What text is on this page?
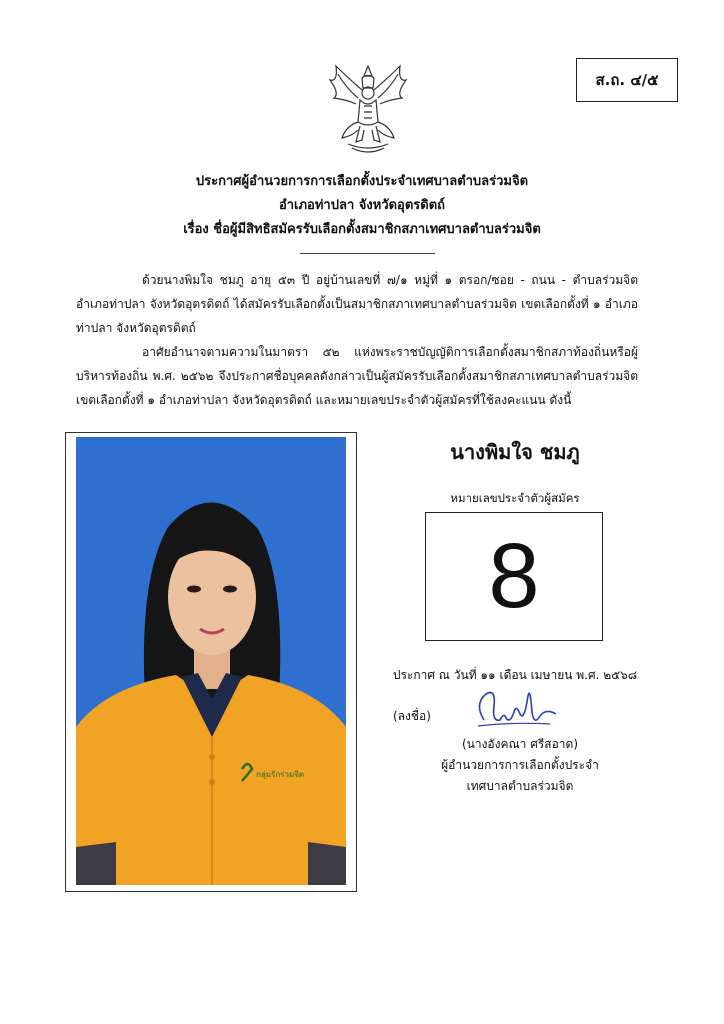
ส.ถ. ๔/๕
ประกาศผู้อำนวยการการเลือกตั้งประจำเทศบาลตำบลร่วมจิต
อำเภอท่าปลา จังหวัดอุตรดิตถ์
เรื่อง ชื่อผู้มีสิทธิสมัครรับเลือกตั้งสมาชิกสภาเทศบาลตำบลร่วมจิต
ด้วยนางพิมใจ ชมภู อายุ ๕๓ ปี อยู่บ้านเลขที่ ๗/๑ หมู่ที่ ๑ ตรอก/ซอย - ถนน - ตำบลร่วมจิต อำเภอท่าปลา จังหวัดอุตรดิตถ์ ได้สมัครรับเลือกตั้งเป็นสมาชิกสภาเทศบาลตำบลร่วมจิต เขตเลือกตั้งที่ ๑ อำเภอท่าปลา จังหวัดอุตรดิตถ์
อาศัยอำนาจตามความในมาตรา ๕๒ แห่งพระราชบัญญัติการเลือกตั้งสมาชิกสภาท้องถิ่นหรือผู้บริหารท้องถิ่น พ.ศ. ๒๕๖๒ จึงประกาศชื่อบุคคลดังกล่าวเป็นผู้สมัครรับเลือกตั้งสมาชิกสภาเทศบาลตำบลร่วมจิต เขตเลือกตั้งที่ ๑ อำเภอท่าปลา จังหวัดอุตรดิตถ์ และหมายเลขประจำตัวผู้สมัครที่ใช้ลงคะแนน ดังนี้
กลุ่มรักร่วมจิต
นางพิมใจ ชมภู
หมายเลขประจำตัวผู้สมัคร
8
ประกาศ ณ วันที่ ๑๑ เดือน เมษายน พ.ศ. ๒๕๖๘
(ลงชื่อ)
(นางอังคณา ศรีสอาด)
ผู้อำนวยการการเลือกตั้งประจำ
เทศบาลตำบลร่วมจิต
